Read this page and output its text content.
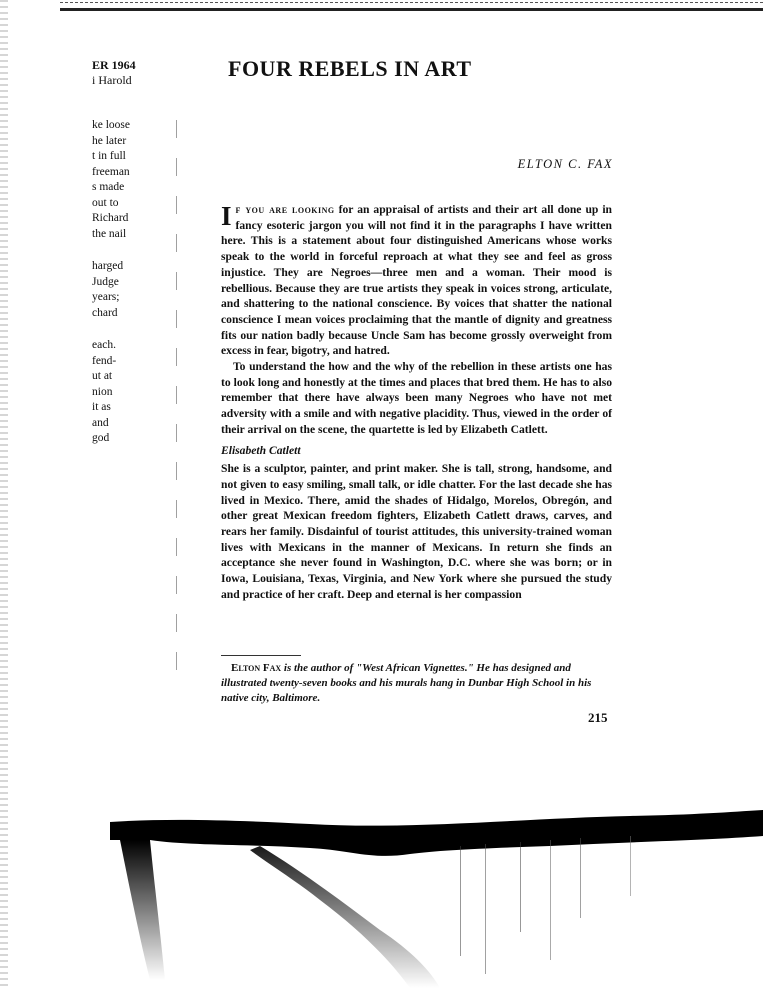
ER 1964
i Harold
ke loose
he later
t in full
freeman
s made
out to
Richard
the nail
harged
Judge
years;
chard
each.
fend-
ut at
nion
it as
and
god
FOUR REBELS IN ART
ELTON C. FAX

If you are looking for an appraisal of artists and their art all done up in fancy esoteric jargon you will not find it in the paragraphs I have written here. This is a statement about four distinguished Americans whose works speak to the world in forceful reproach at what they see and feel as gross injustice. They are Negroes—three men and a woman. Their mood is rebellious. Because they are true artists they speak in voices strong, articulate, and shattering to the national conscience. By voices that shatter the national conscience I mean voices proclaiming that the mantle of dignity and greatness fits our nation badly because Uncle Sam has become grossly overweight from excess in fear, bigotry, and hatred.

To understand the how and the why of the rebellion in these artists one has to look long and honestly at the times and places that bred them. He has to also remember that there have always been many Negroes who have not met adversity with a smile and with negative placidity. Thus, viewed in the order of their arrival on the scene, the quartette is led by Elizabeth Catlett.

Elisabeth Catlett

She is a sculptor, painter, and print maker. She is tall, strong, handsome, and not given to easy smiling, small talk, or idle chatter. For the last decade she has lived in Mexico. There, amid the shades of Hidalgo, Morelos, Obregón, and other great Mexican freedom fighters, Elizabeth Catlett draws, carves, and rears her family. Disdainful of tourist attitudes, this university-trained woman lives with Mexicans in the manner of Mexicans. In return she finds an acceptance she never found in Washington, D.C. where she was born; or in Iowa, Louisiana, Texas, Virginia, and New York where she pursued the study and practice of her craft. Deep and eternal is her compassion

Elton Fax is the author of "West African Vignettes." He has designed and illustrated twenty-seven books and his murals hang in Dunbar High School in his native city, Baltimore.
215
